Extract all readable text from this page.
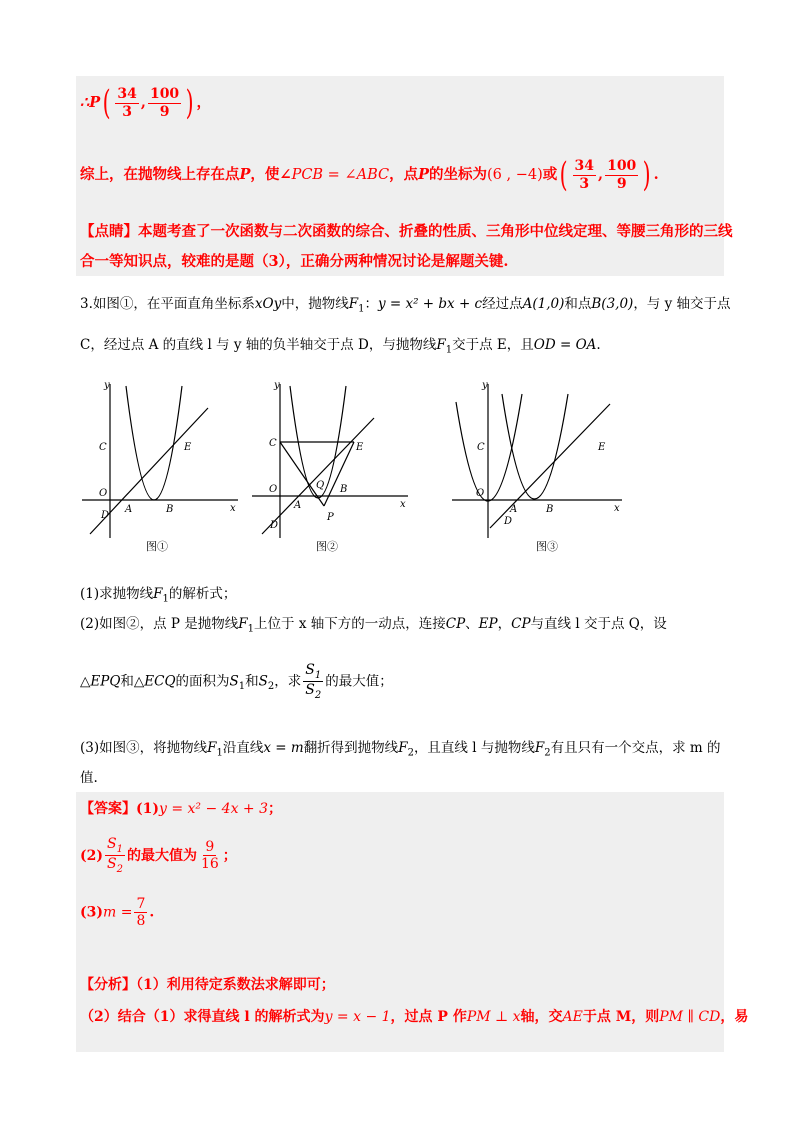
∴P( $\frac{34}{3}$ , $\frac{100}{9}$ ) ，
综上，在抛物线上存在点P，使∠PCB = ∠ABC，点P的坐标为(6 , −4)或( $\frac{34}{3}$ , $\frac{100}{9}$ ) .
【点睛】本题考查了一次函数与二次函数的综合、折叠的性质、三角形中位线定理、等腰三角形的三线
合一等知识点，较难的是题（3），正确分两种情况讨论是解题关键.
3.如图①，在平面直角坐标系xOy中，抛物线$F_1$：y = x² + bx + c经过点A(1,0)和点B(3,0)，与 y 轴交于点
C，经过点 A 的直线 l 与 y 轴的负半轴交于点 D，与抛物线$F_1$交于点 E，且OD = OA.
y
x
O
A	B
C
D
E
图①
y
x
O
A
B
C
D
E
Q
P
图②
y
x
O
A	B
C
D
E
图③
(1)求抛物线$F_1$的解析式；
(2)如图②，点 P 是抛物线$F_1$上位于 x 轴下方的一动点，连接CP、EP，CP与直线 l 交于点 Q，设
△EPQ和△ECQ的面积为$S_1$和$S_2$，求 $\frac{S_1}{S_2}$ 的最大值；
(3)如图③，将抛物线$F_1$沿直线x = m翻折得到抛物线$F_2$，且直线 l 与抛物线$F_2$有且只有一个交点，求 m 的
值.
【答案】(1)y = x² − 4x + 3；
$(2) \frac{S_1}{S_2}$ 的最大值为 $\frac{9}{16}$ ；
$(3)m = \frac{7}{8}$ .
【分析】（1）利用待定系数法求解即可；
（2）结合（1）求得直线 l 的解析式为y = x − 1，过点 P 作PM ⊥ x轴，交AE于点 M，则PM ∥ CD，易
